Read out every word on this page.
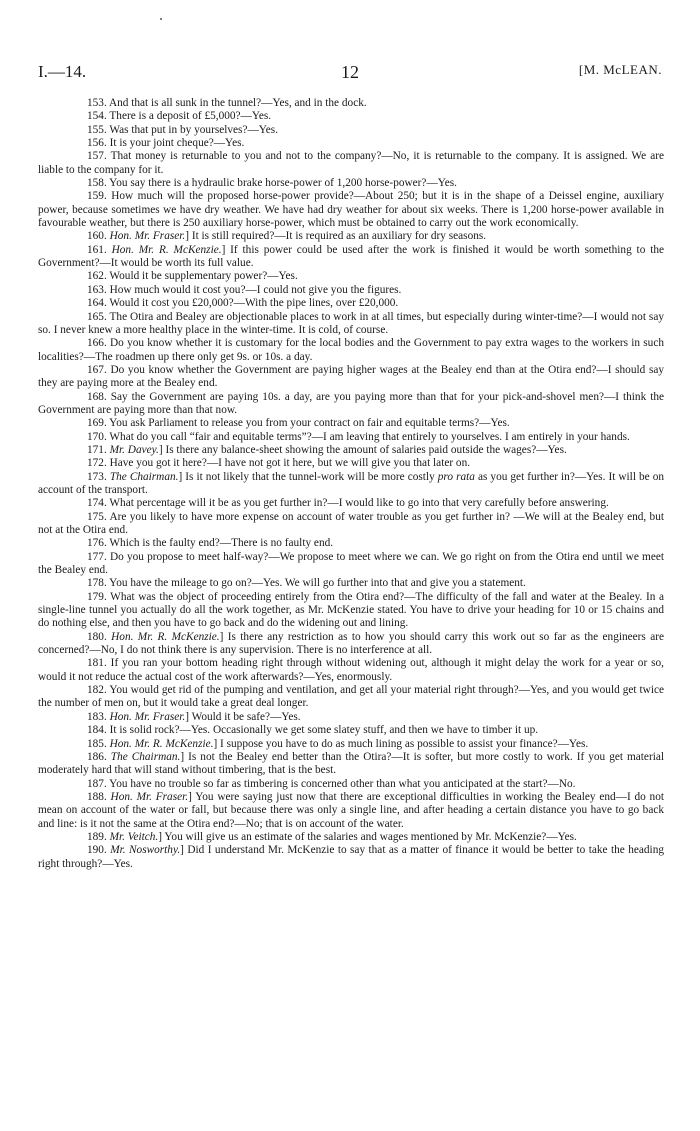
I.—14.	12	[M. McLEAN.

153. And that is all sunk in the tunnel?—Yes, and in the dock.

154. There is a deposit of £5,000?—Yes.

155. Was that put in by yourselves?—Yes.

156. It is your joint cheque?—Yes.

157. That money is returnable to you and not to the company?—No, it is returnable to the company. It is assigned. We are liable to the company for it.

158. You say there is a hydraulic brake horse-power of 1,200 horse-power?—Yes.

159. How much will the proposed horse-power provide?—About 250; but it is in the shape of a Deissel engine, auxiliary power, because sometimes we have dry weather. We have had dry weather for about six weeks. There is 1,200 horse-power available in favourable weather, but there is 250 auxiliary horse-power, which must be obtained to carry out the work economically.

160. Hon. Mr. Fraser.] It is still required?—It is required as an auxiliary for dry seasons.

161. Hon. Mr. R. McKenzie.] If this power could be used after the work is finished it would be worth something to the Government?—It would be worth its full value.

162. Would it be supplementary power?—Yes.

163. How much would it cost you?—I could not give you the figures.

164. Would it cost you £20,000?—With the pipe lines, over £20,000.

165. The Otira and Bealey are objectionable places to work in at all times, but especially during winter-time?—I would not say so. I never knew a more healthy place in the winter-time. It is cold, of course.

166. Do you know whether it is customary for the local bodies and the Government to pay extra wages to the workers in such localities?—The roadmen up there only get 9s. or 10s. a day.

167. Do you know whether the Government are paying higher wages at the Bealey end than at the Otira end?—I should say they are paying more at the Bealey end.

168. Say the Government are paying 10s. a day, are you paying more than that for your pick-and-shovel men?—I think the Government are paying more than that now.

169. You ask Parliament to release you from your contract on fair and equitable terms?—Yes.

170. What do you call “fair and equitable terms”?—I am leaving that entirely to yourselves. I am entirely in your hands.

171. Mr. Davey.] Is there any balance-sheet showing the amount of salaries paid outside the wages?—Yes.

172. Have you got it here?—I have not got it here, but we will give you that later on.

173. The Chairman.] Is it not likely that the tunnel-work will be more costly pro rata as you get further in?—Yes. It will be on account of the transport.

174. What percentage will it be as you get further in?—I would like to go into that very carefully before answering.

175. Are you likely to have more expense on account of water trouble as you get further in? —We will at the Bealey end, but not at the Otira end.

176. Which is the faulty end?—There is no faulty end.

177. Do you propose to meet half-way?—We propose to meet where we can. We go right on from the Otira end until we meet the Bealey end.

178. You have the mileage to go on?—Yes. We will go further into that and give you a statement.

179. What was the object of proceeding entirely from the Otira end?—The difficulty of the fall and water at the Bealey. In a single-line tunnel you actually do all the work together, as Mr. McKenzie stated. You have to drive your heading for 10 or 15 chains and do nothing else, and then you have to go back and do the widening out and lining.

180. Hon. Mr. R. McKenzie.] Is there any restriction as to how you should carry this work out so far as the engineers are concerned?—No, I do not think there is any supervision. There is no interference at all.

181. If you ran your bottom heading right through without widening out, although it might delay the work for a year or so, would it not reduce the actual cost of the work afterwards?—Yes, enormously.

182. You would get rid of the pumping and ventilation, and get all your material right through?—Yes, and you would get twice the number of men on, but it would take a great deal longer.

183. Hon. Mr. Fraser.] Would it be safe?—Yes.

184. It is solid rock?—Yes. Occasionally we get some slatey stuff, and then we have to timber it up.

185. Hon. Mr. R. McKenzie.] I suppose you have to do as much lining as possible to assist your finance?—Yes.

186. The Chairman.] Is not the Bealey end better than the Otira?—It is softer, but more costly to work. If you get material moderately hard that will stand without timbering, that is the best.

187. You have no trouble so far as timbering is concerned other than what you anticipated at the start?—No.

188. Hon. Mr. Fraser.] You were saying just now that there are exceptional difficulties in working the Bealey end—I do not mean on account of the water or fall, but because there was only a single line, and after heading a certain distance you have to go back and line: is it not the same at the Otira end?—No; that is on account of the water.

189. Mr. Veitch.] You will give us an estimate of the salaries and wages mentioned by Mr. McKenzie?—Yes.

190. Mr. Nosworthy.] Did I understand Mr. McKenzie to say that as a matter of finance it would be better to take the heading right through?—Yes.
